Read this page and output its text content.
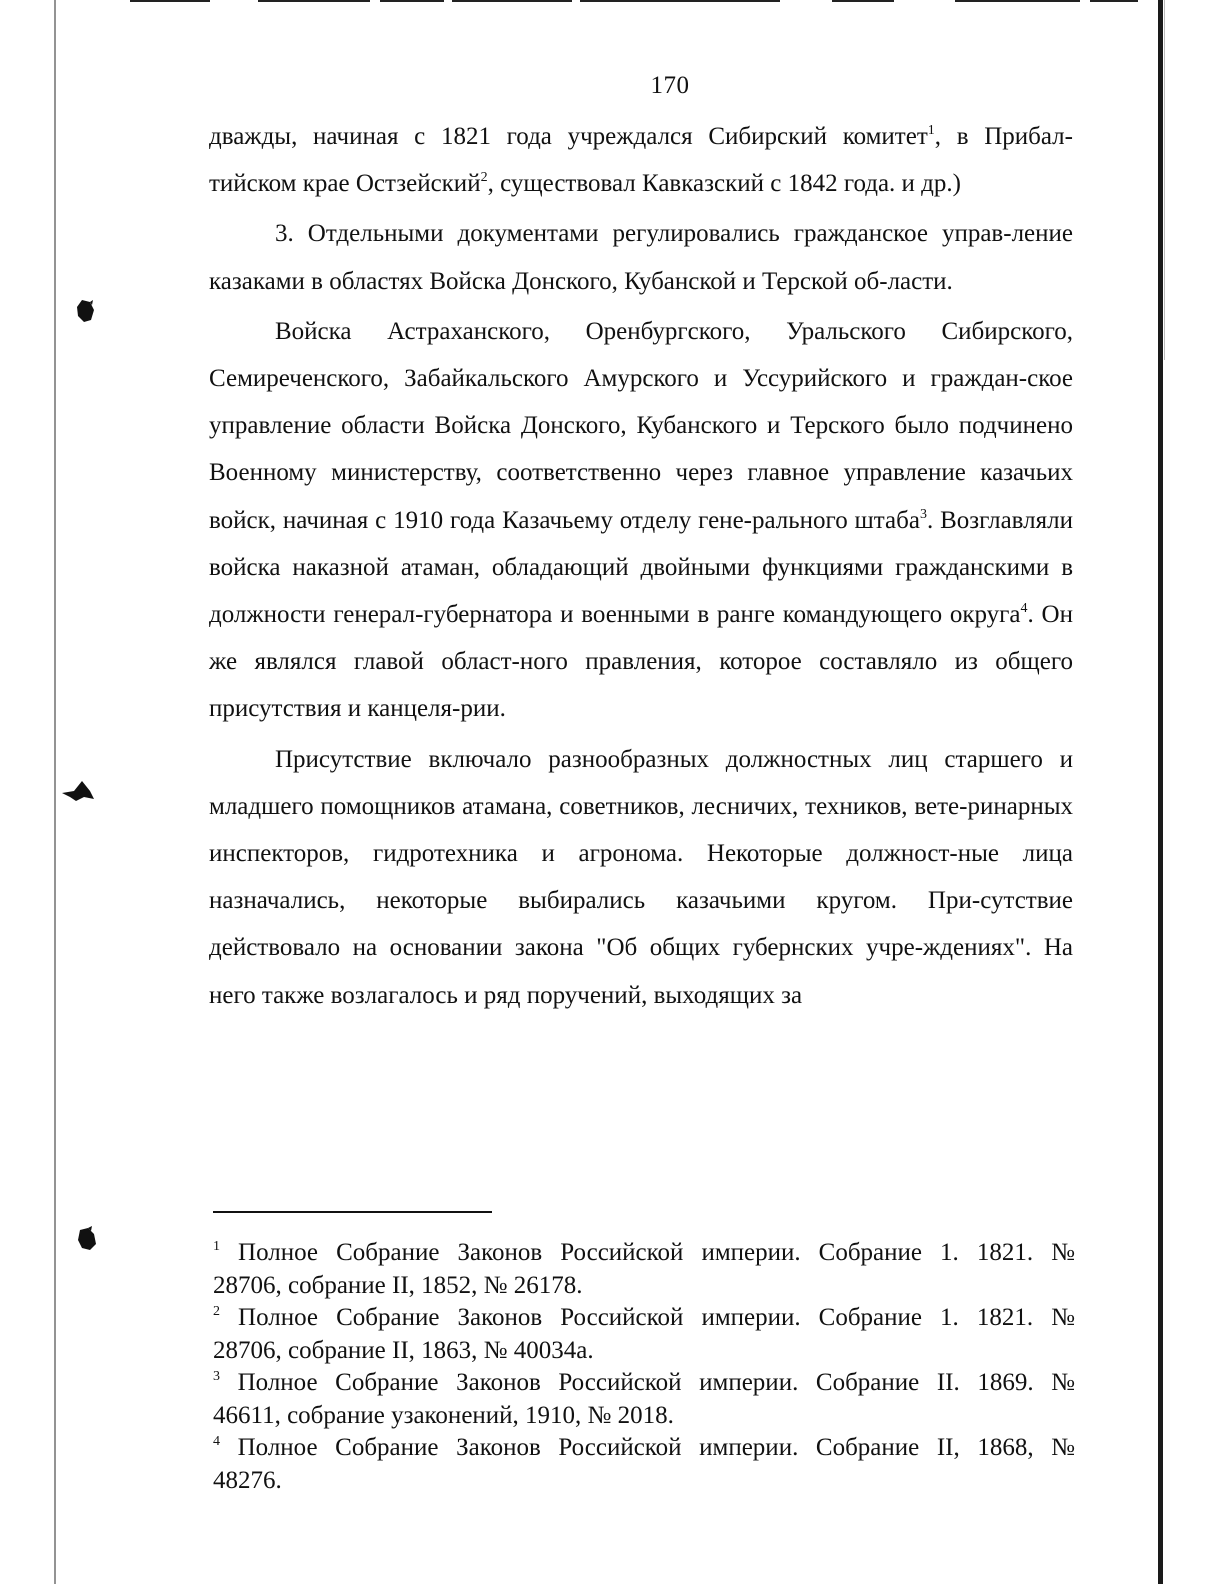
170

дважды, начиная с 1821 года учреждался Сибирский комитет$^1$, в Прибал-тийском крае Остзейский$^2$, существовал Кавказский с 1842 года. и др.)

3. Отдельными документами регулировались гражданское управ-ление казаками в областях Войска Донского, Кубанской и Терской об-ласти.

Войска Астраханского, Оренбургского, Уральского Сибирского, Семиреченского, Забайкальского Амурского и Уссурийского и граждан-ское управление области Войска Донского, Кубанского и Терского было подчинено Военному министерству, соответственно через главное управление казачьих войск, начиная с 1910 года Казачьему отделу гене-рального штаба$^3$. Возглавляли войска наказной атаман, обладающий двойными функциями гражданскими в должности генерал-губернатора и военными в ранге командующего округа$^4$. Он же являлся главой област-ного правления, которое составляло из общего присутствия и канцеля-рии.

Присутствие включало разнообразных должностных лиц старшего и младшего помощников атамана, советников, лесничих, техников, вете-ринарных инспекторов, гидротехника и агронома. Некоторые должност-ные лица назначались, некоторые выбирались казачьими кругом. При-сутствие действовало на основании закона "Об общих губернских учре-ждениях". На него также возлагалось и ряд поручений, выходящих за

$^1$ Полное Собрание Законов Российской империи. Собрание 1. 1821. №
28706, собрание II, 1852, № 26178.
$^2$ Полное Собрание Законов Российской империи. Собрание 1. 1821. №
28706, собрание II, 1863, № 40034а.
$^3$ Полное Собрание Законов Российской империи. Собрание II. 1869. №
46611, собрание узаконений, 1910, № 2018.
$^4$ Полное Собрание Законов Российской империи. Собрание II, 1868, №
48276.
